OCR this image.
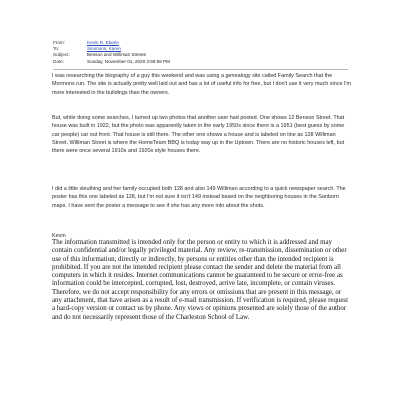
From:	Kevin R. Eberle
To:	Simmons, Karen
Subject:	Benson and Williman Streets
Date:	Sunday, November 01, 2020 3:59:59 PM

I was researching the biography of a guy this weekend and was using a genealogy site called Family Search that the Mormons run. The site is actually pretty well laid out and has a lot of useful info for free, but I don't use it very much since I'm more interested in the buildings than the owners.

But, while doing some searches, I turned up two photos that another user had posted. One shows 12 Benson Street. That house was built in 1922, but the photo was apparently taken in the early 1950s since there is a 1951 (best guess by some car people) car out front. That house is still there. The other one shows a house and is labeled on line as 128 Williman Street. Williman Street is where the HomeTeam BBQ is today way up in the Uptown. There are no historic houses left, but there were once several 1910s and 1920s style houses there.

I did a little sleuthing and her family occupied both 128 and also 149 Williman according to a quick newspaper search. The poster has this one labeled as 128, but I'm not sure it isn't 149 instead based on the neighboring houses in the Sanborn maps. I have sent the poster a message to see if she has any more info about the shots.

Kevin

The information transmitted is intended only for the person or entity to which it is addressed and may contain confidential and/or legally privileged material. Any review, re-transmission, dissemination or other use of this information, directly or indirectly, by persons or entities other than the intended recipient is prohibited. If you are not the intended recipient please contact the sender and delete the material from all computers in which it resides. Internet communications cannot be guaranteed to be secure or error-free as information could be intercepted, corrupted, lost, destroyed, arrive late, incomplete, or contain viruses. Therefore, we do not accept responsibility for any errors or omissions that are present in this message, or any attachment, that have arisen as a result of e-mail transmission. If verification is required, please request a hard-copy version or contact us by phone. Any views or opinions presented are solely those of the author and do not necessarily represent those of the Charleston School of Law.
